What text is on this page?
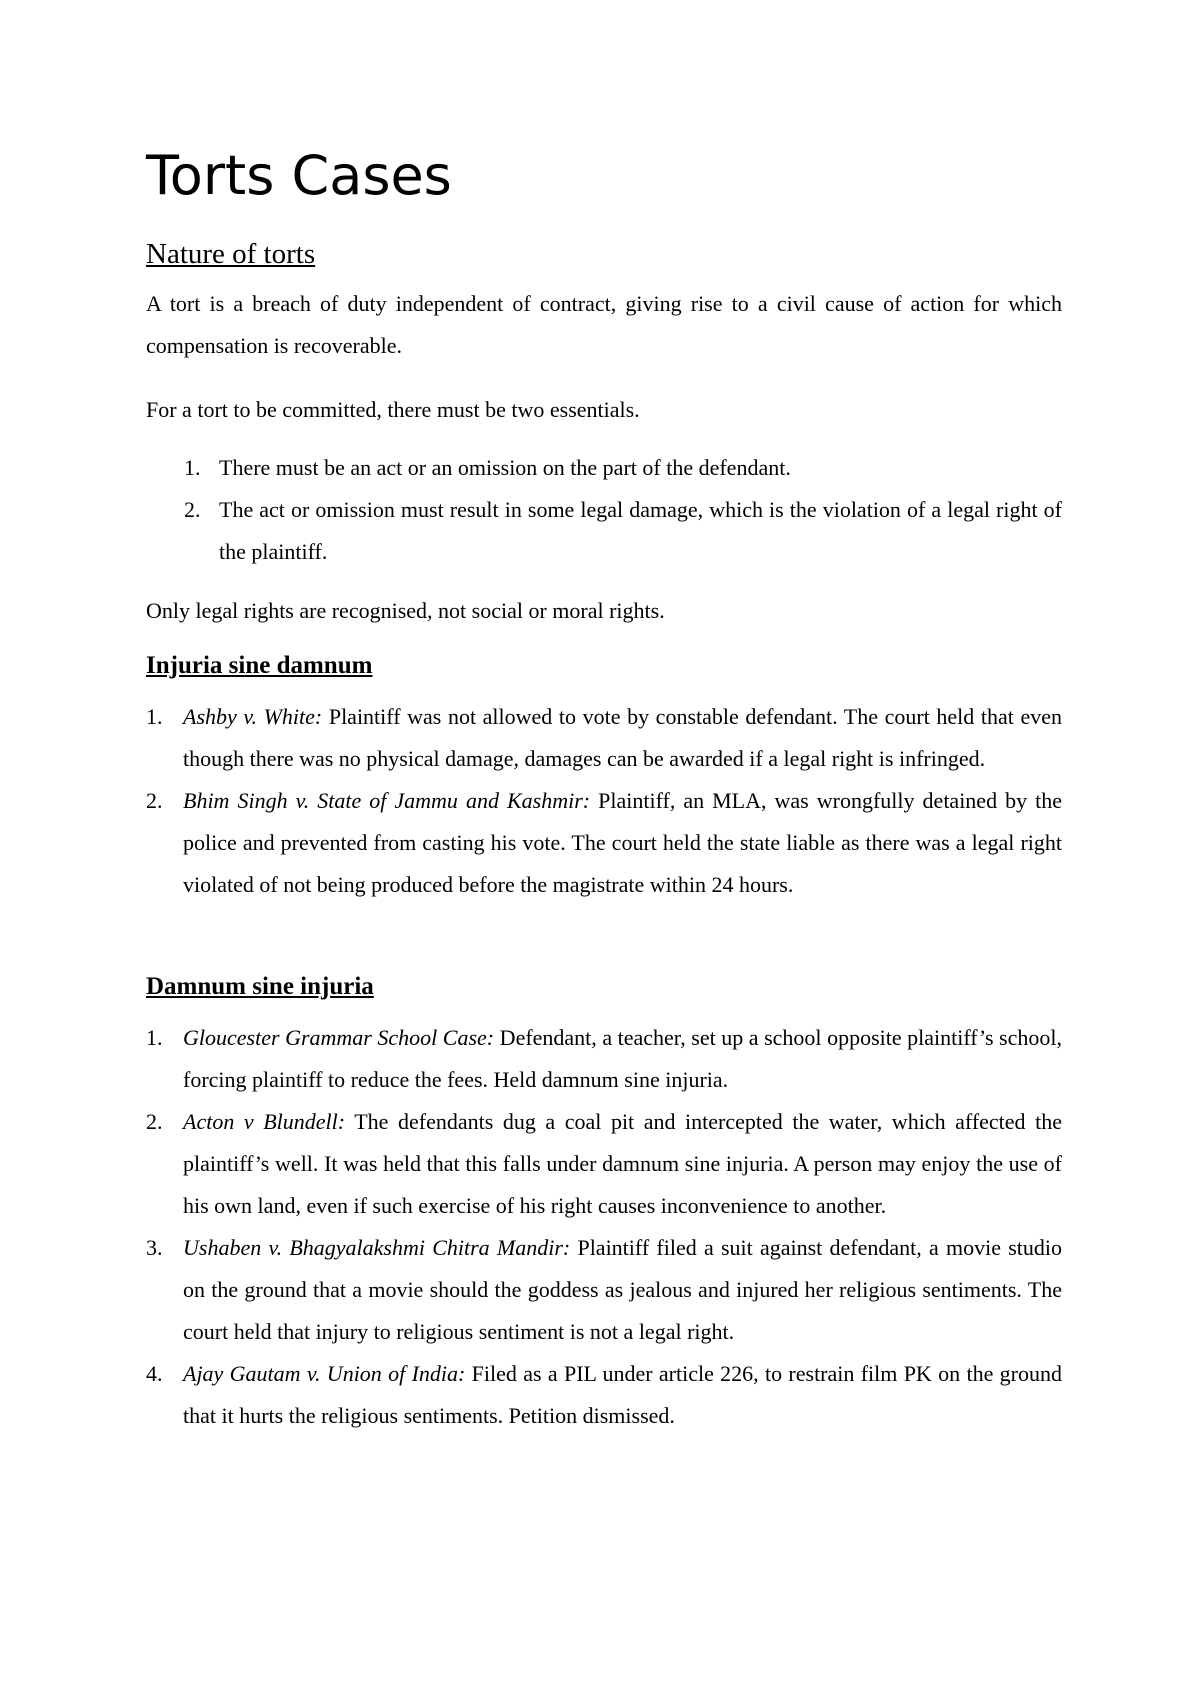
Torts Cases
Nature of torts

A tort is a breach of duty independent of contract, giving rise to a civil cause of action for which compensation is recoverable.

For a tort to be committed, there must be two essentials.

1. There must be an act or an omission on the part of the defendant.
2. The act or omission must result in some legal damage, which is the violation of a legal right of the plaintiff.

Only legal rights are recognised, not social or moral rights.

Injuria sine damnum
1. Ashby v. White: Plaintiff was not allowed to vote by constable defendant. The court held that even though there was no physical damage, damages can be awarded if a legal right is infringed.
2. Bhim Singh v. State of Jammu and Kashmir: Plaintiff, an MLA, was wrongfully detained by the police and prevented from casting his vote. The court held the state liable as there was a legal right violated of not being produced before the magistrate within 24 hours.
Damnum sine injuria
1. Gloucester Grammar School Case: Defendant, a teacher, set up a school opposite plaintiff’s school, forcing plaintiff to reduce the fees. Held damnum sine injuria.
2. Acton v Blundell: The defendants dug a coal pit and intercepted the water, which affected the plaintiff’s well. It was held that this falls under damnum sine injuria. A person may enjoy the use of his own land, even if such exercise of his right causes inconvenience to another.
3. Ushaben v. Bhagyalakshmi Chitra Mandir: Plaintiff filed a suit against defendant, a movie studio on the ground that a movie should the goddess as jealous and injured her religious sentiments. The court held that injury to religious sentiment is not a legal right.
4. Ajay Gautam v. Union of India: Filed as a PIL under article 226, to restrain film PK on the ground that it hurts the religious sentiments. Petition dismissed.
